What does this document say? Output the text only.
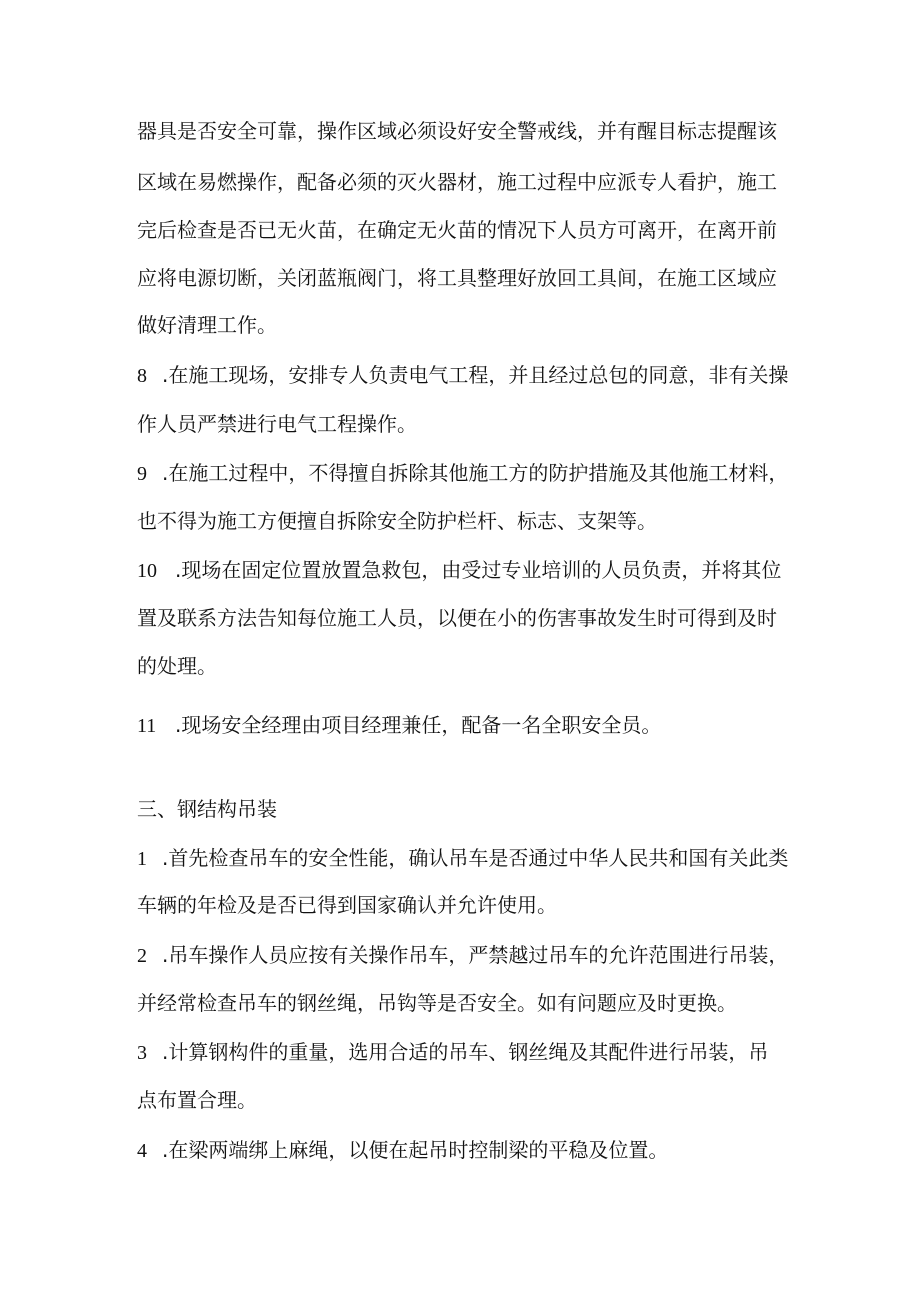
器具是否安全可靠，操作区域必须设好安全警戒线，并有醒目标志提醒该
区域在易燃操作，配备必须的灭火器材，施工过程中应派专人看护，施工
完后检查是否已无火苗，在确定无火苗的情况下人员方可离开，在离开前
应将电源切断，关闭蓝瓶阀门，将工具整理好放回工具间，在施工区域应
做好清理工作。
8 .在施工现场，安排专人负责电气工程，并且经过总包的同意，非有关操
作人员严禁进行电气工程操作。
9 .在施工过程中，不得擅自拆除其他施工方的防护措施及其他施工材料，
也不得为施工方便擅自拆除安全防护栏杆、标志、支架等。
10 .现场在固定位置放置急救包，由受过专业培训的人员负责，并将其位
置及联系方法告知每位施工人员，以便在小的伤害事故发生时可得到及时
的处理。
11 .现场安全经理由项目经理兼任，配备一名全职安全员。
三、钢结构吊装
1 .首先检查吊车的安全性能，确认吊车是否通过中华人民共和国有关此类
车辆的年检及是否已得到国家确认并允许使用。
2 .吊车操作人员应按有关操作吊车，严禁越过吊车的允许范围进行吊装，
并经常检查吊车的钢丝绳，吊钩等是否安全。如有问题应及时更换。
3 .计算钢构件的重量，选用合适的吊车、钢丝绳及其配件进行吊装，吊
点布置合理。
4 .在梁两端绑上麻绳，以便在起吊时控制梁的平稳及位置。
